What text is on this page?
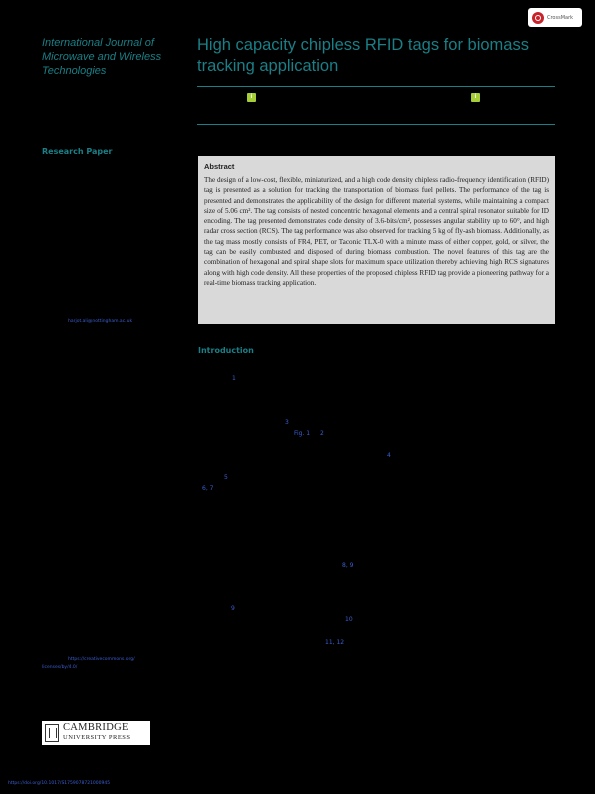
International Journal of
Microwave and Wireless
Technologies
CrossMark
High capacity chipless RFID tags for biomass
tracking application
i	i
Research Paper
Abstract
The design of a low-cost, flexible, miniaturized, and a high code density chipless radio-frequency identification (RFID) tag is presented as a solution for tracking the transportation of biomass fuel pellets. The performance of the tag is presented and demonstrates the applicability of the design for different material systems, while maintaining a compact size of 5.06 cm². The tag consists of nested concentric hexagonal elements and a central spiral resonator suitable for ID encoding. The tag presented demonstrates code density of 3.6-bits/cm², possesses angular stability up to 60°, and high radar cross section (RCS). The tag performance was also observed for tracking 5 kg of fly-ash biomass. Additionally, as the tag mass mostly consists of FR4, PET, or Taconic TLX-0 with a minute mass of either copper, gold, or silver, the tag can be easily combusted and disposed of during biomass combustion. The novel features of this tag are the combination of hexagonal and spiral shape slots for maximum space utilization thereby achieving high RCS signatures along with high code density. All these properties of the proposed chipless RFID tag provide a pioneering pathway for a real-time biomass tracking application.
harjot.ali@nottingham.ac.uk
Introduction
1
3
Fig. 1 2
4
5
6, 7
8, 9
9
10
11, 12
https://creativecommons.org/
licenses/by/4.0/
CAMBRIDGE
UNIVERSITY PRESS
https://doi.org/10.1017/S1759078721000945
